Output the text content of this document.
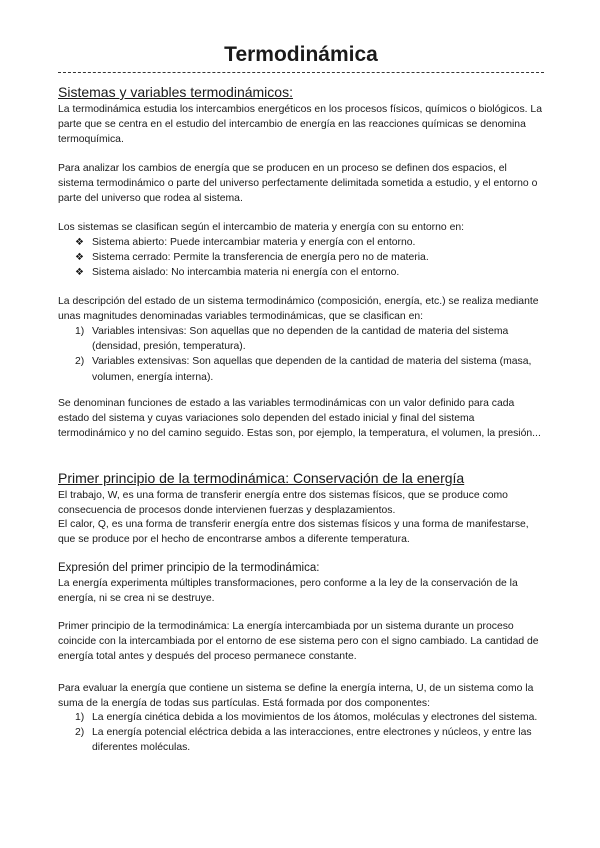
Termodinámica
Sistemas y variables termodinámicos:

La termodinámica estudia los intercambios energéticos en los procesos físicos, químicos o biológicos. La parte que se centra en el estudio del intercambio de energía en las reacciones químicas se denomina termoquímica.

Para analizar los cambios de energía que se producen en un proceso se definen dos espacios, el sistema termodinámico o parte del universo perfectamente delimitada sometida a estudio, y el entorno o parte del universo que rodea al sistema.

Los sistemas se clasifican según el intercambio de materia y energía con su entorno en:

❖ Sistema abierto: Puede intercambiar materia y energía con el entorno.
❖ Sistema cerrado: Permite la transferencia de energía pero no de materia.
❖ Sistema aislado: No intercambia materia ni energía con el entorno.

La descripción del estado de un sistema termodinámico (composición, energía, etc.) se realiza mediante unas magnitudes denominadas variables termodinámicas, que se clasifican en:

1) Variables intensivas: Son aquellas que no dependen de la cantidad de materia del sistema (densidad, presión, temperatura).
2) Variables extensivas: Son aquellas que dependen de la cantidad de materia del sistema (masa, volumen, energía interna).

Se denominan funciones de estado a las variables termodinámicas con un valor definido para cada estado del sistema y cuyas variaciones solo dependen del estado inicial y final del sistema termodinámico y no del camino seguido. Estas son, por ejemplo, la temperatura, el volumen, la presión...

Primer principio de la termodinámica: Conservación de la energía

El trabajo, W, es una forma de transferir energía entre dos sistemas físicos, que se produce como consecuencia de procesos donde intervienen fuerzas y desplazamientos.

El calor, Q, es una forma de transferir energía entre dos sistemas físicos y una forma de manifestarse, que se produce por el hecho de encontrarse ambos a diferente temperatura.

Expresión del primer principio de la termodinámica:

La energía experimenta múltiples transformaciones, pero conforme a la ley de la conservación de la energía, ni se crea ni se destruye.

Primer principio de la termodinámica: La energía intercambiada por un sistema durante un proceso coincide con la intercambiada por el entorno de ese sistema pero con el signo cambiado. La cantidad de energía total antes y después del proceso permanece constante.

Para evaluar la energía que contiene un sistema se define la energía interna, U, de un sistema como la suma de la energía de todas sus partículas. Está formada por dos componentes:

1) La energía cinética debida a los movimientos de los átomos, moléculas y electrones del sistema.
2) La energía potencial eléctrica debida a las interacciones, entre electrones y núcleos, y entre las diferentes moléculas.
